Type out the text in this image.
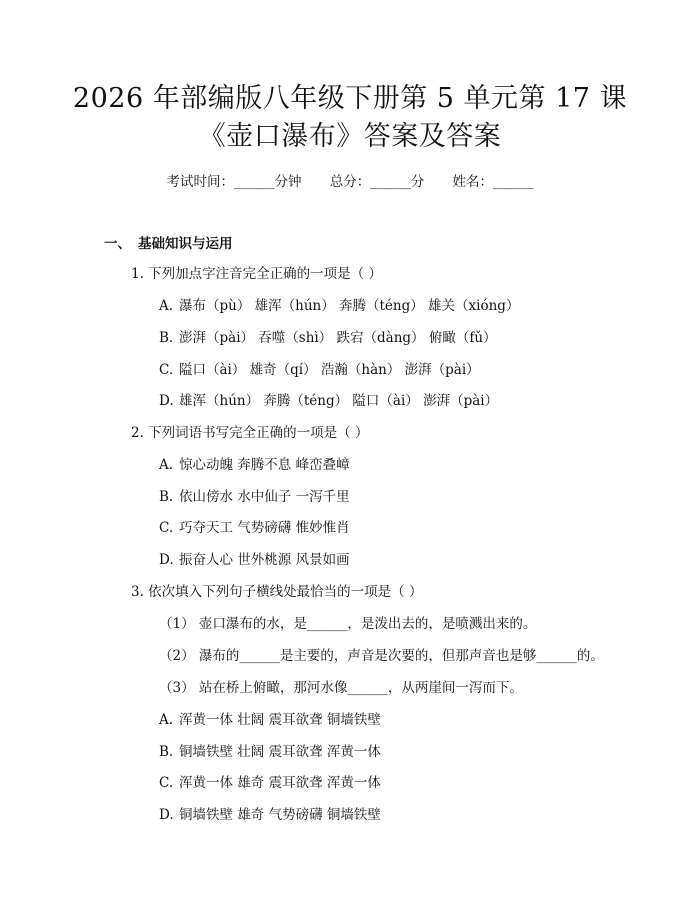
2026 年部编版八年级下册第 5 单元第 17 课
《壶口瀑布》答案及答案
考试时间：______分钟 总分：______分 姓名：______
一、 基础知识与运用
1. 下列加点字注音完全正确的一项是（ ）
A. 瀑布（pù） 雄浑（hún） 奔腾（téng） 雄关（xióng）
B. 澎湃（pài） 吞噬（shì） 跌宕（dàng） 俯瞰（fǔ）
C. 隘口（ài） 雄奇（qí） 浩瀚（hàn） 澎湃（pài）
D. 雄浑（hún） 奔腾（téng） 隘口（ài） 澎湃（pài）
2. 下列词语书写完全正确的一项是（ ）
A. 惊心动魄 奔腾不息 峰峦叠嶂
B. 依山傍水 水中仙子 一泻千里
C. 巧夺天工 气势磅礴 惟妙惟肖
D. 振奋人心 世外桃源 风景如画
3. 依次填入下列句子横线处最恰当的一项是（ ）
（1） 壶口瀑布的水，是______，是泼出去的，是喷溅出来的。
（2） 瀑布的______是主要的，声音是次要的，但那声音也是够______的。
（3） 站在桥上俯瞰，那河水像______，从两崖间一泻而下。
A. 浑黄一体 壮阔 震耳欲聋 铜墙铁壁
B. 铜墙铁壁 壮阔 震耳欲聋 浑黄一体
C. 浑黄一体 雄奇 震耳欲聋 浑黄一体
D. 铜墙铁壁 雄奇 气势磅礴 铜墙铁壁
